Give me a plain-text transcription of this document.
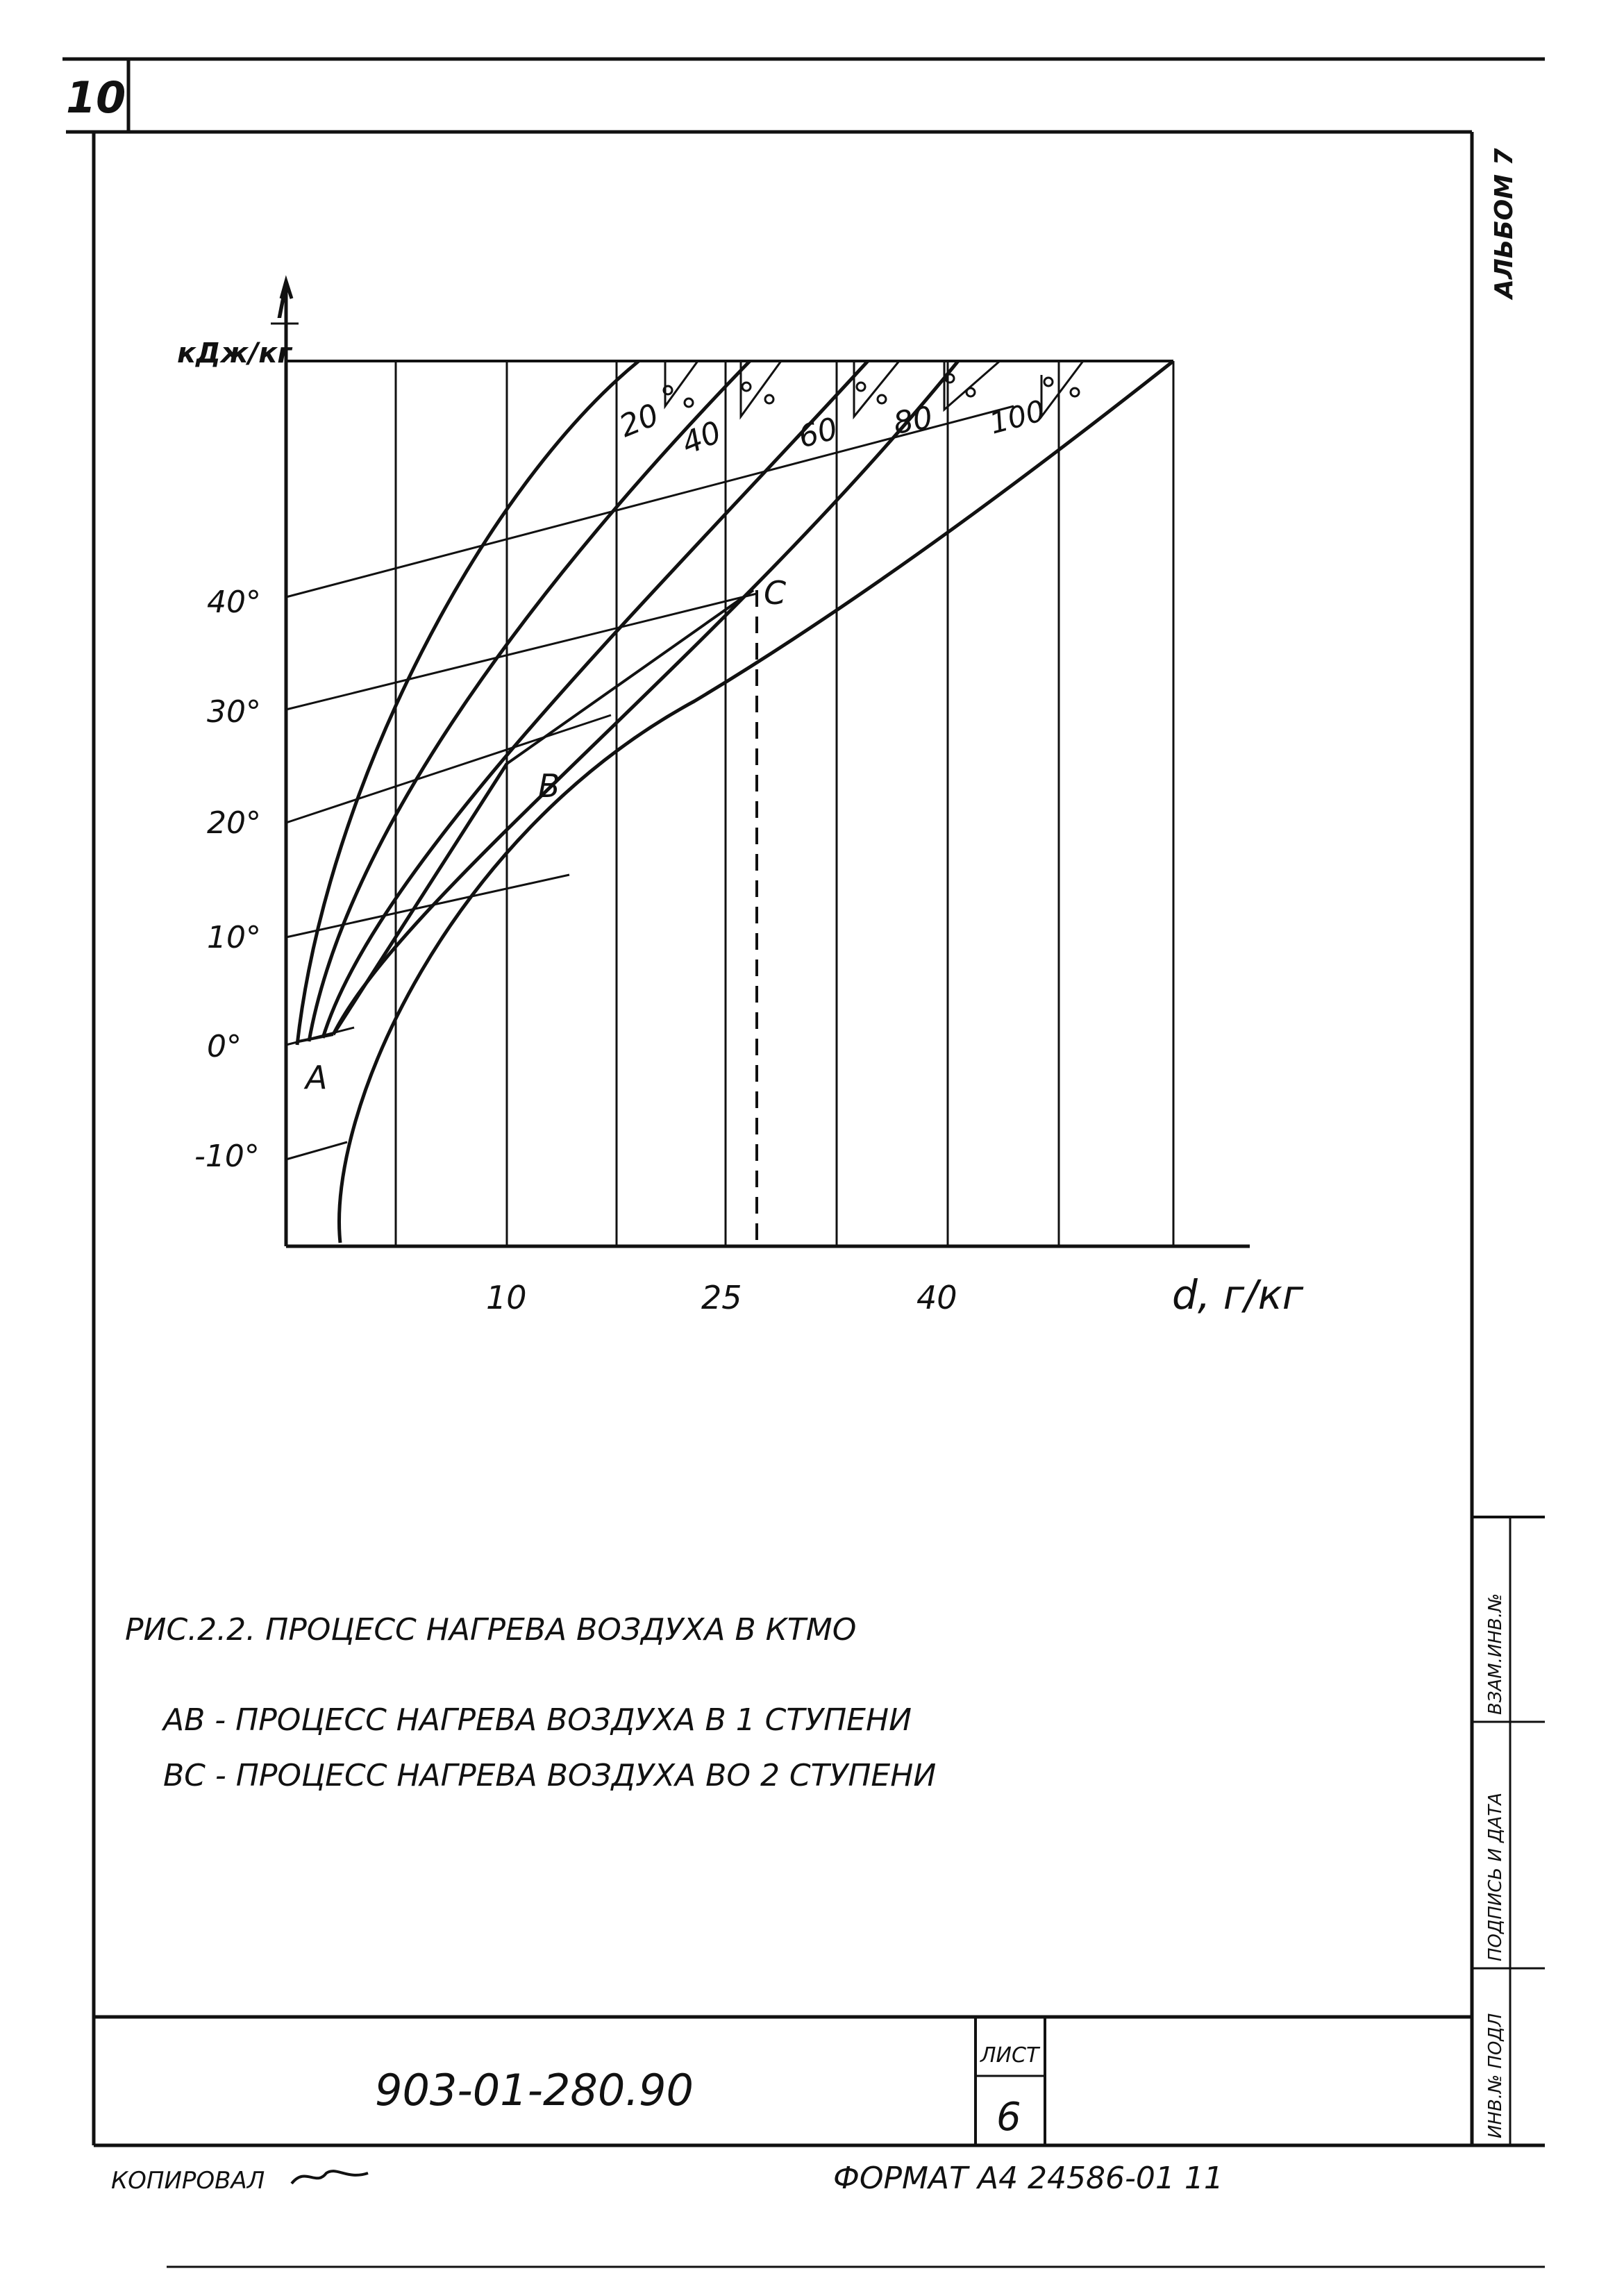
10
АЛЬБОМ 7
ИНВ.№ ПОДЛ
ПОДПИСЬ И ДАТА
ВЗАМ.ИНВ.№
I
кДж/кг
d, г/кг
10	25	40
40°
30°
20°
10°
0°
-10°
20 40 60 80 100
А
В
С
РИС.2.2. ПРОЦЕСС НАГРЕВА ВОЗДУХА В КТМО
АВ - ПРОЦЕСС НАГРЕВА ВОЗДУХА В 1 СТУПЕНИ
ВС - ПРОЦЕСС НАГРЕВА ВОЗДУХА ВО 2 СТУПЕНИ
903-01-280.90
ЛИСТ
6
КОПИРОВАЛ	ФОРМАТ А4 24586-01 11
